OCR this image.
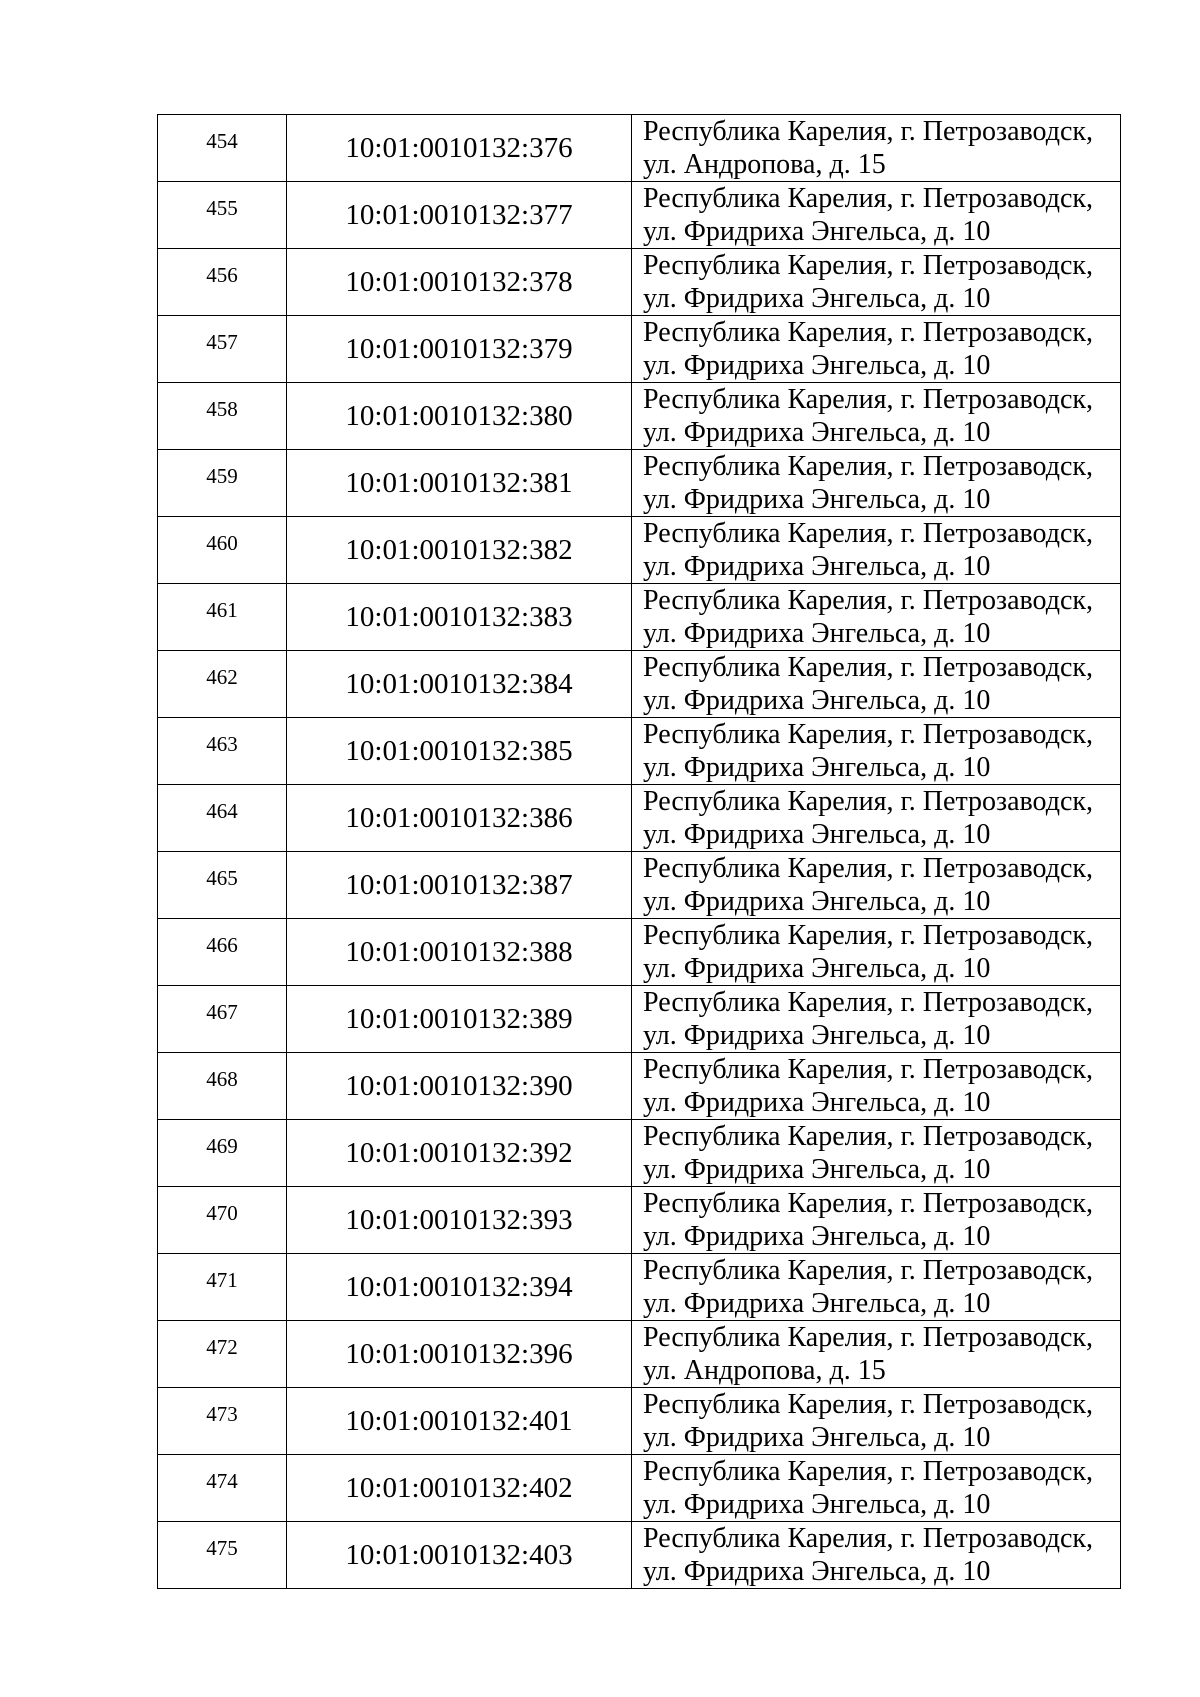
454	10:01:0010132:376	Республика Карелия, г. Петрозаводск,
ул. Андропова, д. 15

455	10:01:0010132:377	Республика Карелия, г. Петрозаводск,
ул. Фридриха Энгельса, д. 10

456	10:01:0010132:378	Республика Карелия, г. Петрозаводск,
ул. Фридриха Энгельса, д. 10

457	10:01:0010132:379	Республика Карелия, г. Петрозаводск,
ул. Фридриха Энгельса, д. 10

458	10:01:0010132:380	Республика Карелия, г. Петрозаводск,
ул. Фридриха Энгельса, д. 10

459	10:01:0010132:381	Республика Карелия, г. Петрозаводск,
ул. Фридриха Энгельса, д. 10

460	10:01:0010132:382	Республика Карелия, г. Петрозаводск,
ул. Фридриха Энгельса, д. 10

461	10:01:0010132:383	Республика Карелия, г. Петрозаводск,
ул. Фридриха Энгельса, д. 10

462	10:01:0010132:384	Республика Карелия, г. Петрозаводск,
ул. Фридриха Энгельса, д. 10

463	10:01:0010132:385	Республика Карелия, г. Петрозаводск,
ул. Фридриха Энгельса, д. 10

464	10:01:0010132:386	Республика Карелия, г. Петрозаводск,
ул. Фридриха Энгельса, д. 10

465	10:01:0010132:387	Республика Карелия, г. Петрозаводск,
ул. Фридриха Энгельса, д. 10

466	10:01:0010132:388	Республика Карелия, г. Петрозаводск,
ул. Фридриха Энгельса, д. 10

467	10:01:0010132:389	Республика Карелия, г. Петрозаводск,
ул. Фридриха Энгельса, д. 10

468	10:01:0010132:390	Республика Карелия, г. Петрозаводск,
ул. Фридриха Энгельса, д. 10

469	10:01:0010132:392	Республика Карелия, г. Петрозаводск,
ул. Фридриха Энгельса, д. 10

470	10:01:0010132:393	Республика Карелия, г. Петрозаводск,
ул. Фридриха Энгельса, д. 10

471	10:01:0010132:394	Республика Карелия, г. Петрозаводск,
ул. Фридриха Энгельса, д. 10

472	10:01:0010132:396	Республика Карелия, г. Петрозаводск,
ул. Андропова, д. 15

473	10:01:0010132:401	Республика Карелия, г. Петрозаводск,
ул. Фридриха Энгельса, д. 10

474	10:01:0010132:402	Республика Карелия, г. Петрозаводск,
ул. Фридриха Энгельса, д. 10

475	10:01:0010132:403	Республика Карелия, г. Петрозаводск,
ул. Фридриха Энгельса, д. 10
